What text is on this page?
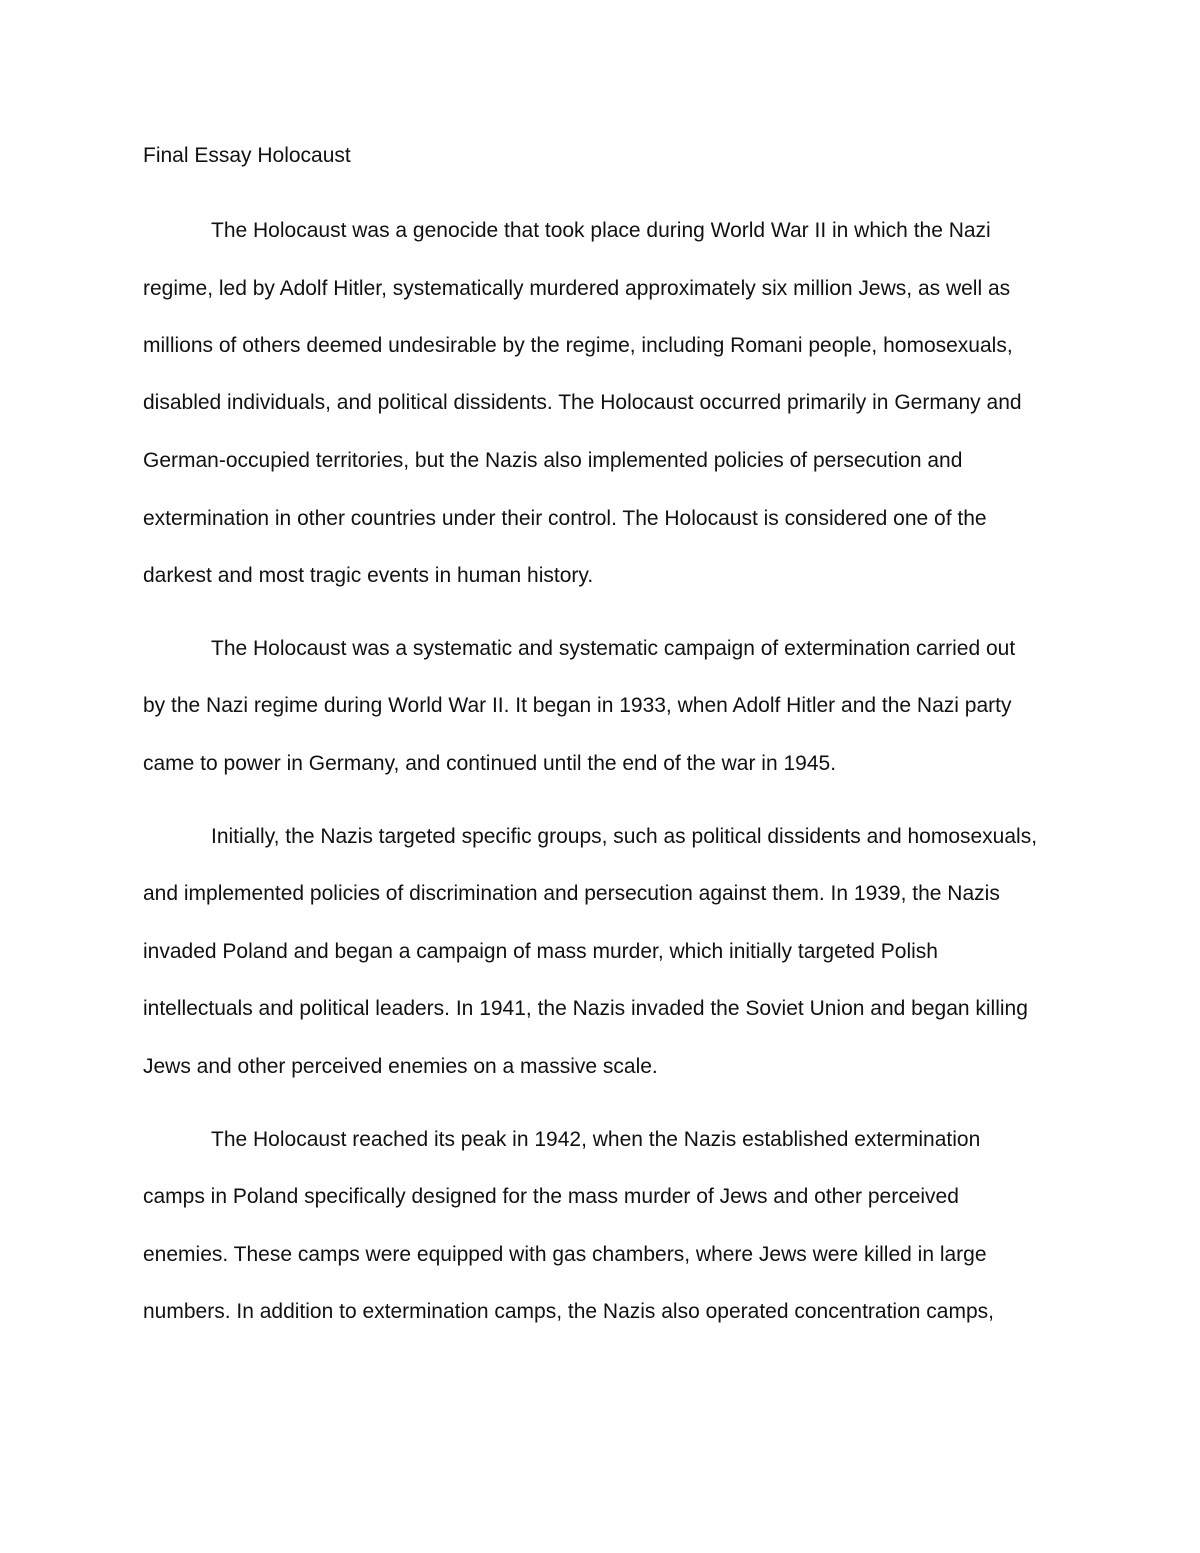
Final Essay Holocaust
The Holocaust was a genocide that took place during World War II in which the Nazi
regime, led by Adolf Hitler, systematically murdered approximately six million Jews, as well as
millions of others deemed undesirable by the regime, including Romani people, homosexuals,
disabled individuals, and political dissidents. The Holocaust occurred primarily in Germany and
German-occupied territories, but the Nazis also implemented policies of persecution and
extermination in other countries under their control. The Holocaust is considered one of the
darkest and most tragic events in human history.
The Holocaust was a systematic and systematic campaign of extermination carried out
by the Nazi regime during World War II. It began in 1933, when Adolf Hitler and the Nazi party
came to power in Germany, and continued until the end of the war in 1945.
Initially, the Nazis targeted specific groups, such as political dissidents and homosexuals,
and implemented policies of discrimination and persecution against them. In 1939, the Nazis
invaded Poland and began a campaign of mass murder, which initially targeted Polish
intellectuals and political leaders. In 1941, the Nazis invaded the Soviet Union and began killing
Jews and other perceived enemies on a massive scale.
The Holocaust reached its peak in 1942, when the Nazis established extermination
camps in Poland specifically designed for the mass murder of Jews and other perceived
enemies. These camps were equipped with gas chambers, where Jews were killed in large
numbers. In addition to extermination camps, the Nazis also operated concentration camps,
